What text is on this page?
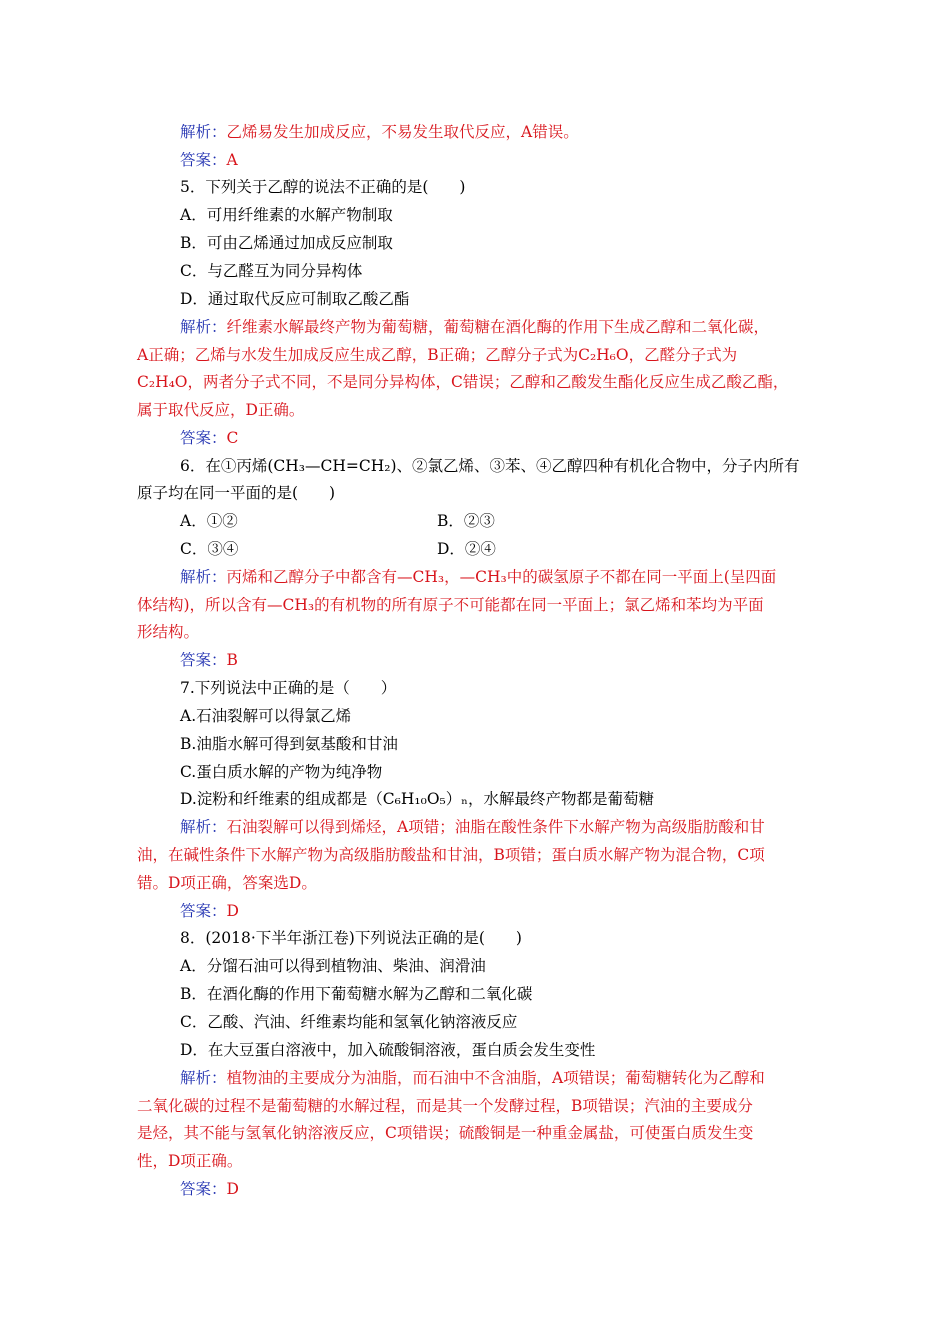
解析：乙烯易发生加成反应，不易发生取代反应，A错误。
答案：A
5．下列关于乙醇的说法不正确的是(　　)
A．可用纤维素的水解产物制取
B．可由乙烯通过加成反应制取
C．与乙醛互为同分异构体
D．通过取代反应可制取乙酸乙酯
解析：纤维素水解最终产物为葡萄糖，葡萄糖在酒化酶的作用下生成乙醇和二氧化碳，
A正确；乙烯与水发生加成反应生成乙醇，B正确；乙醇分子式为C₂H₆O，乙醛分子式为
C₂H₄O，两者分子式不同，不是同分异构体，C错误；乙醇和乙酸发生酯化反应生成乙酸乙酯，
属于取代反应，D正确。
答案：C
6．在①丙烯(CH₃—CH=CH₂)、②氯乙烯、③苯、④乙醇四种有机化合物中，分子内所有
原子均在同一平面的是(　　)
A．①②	B．②③
C．③④	D．②④
解析：丙烯和乙醇分子中都含有—CH₃，—CH₃中的碳氢原子不都在同一平面上(呈四面
体结构)，所以含有—CH₃的有机物的所有原子不可能都在同一平面上；氯乙烯和苯均为平面
形结构。
答案：B
7.下列说法中正确的是（　　）
A.石油裂解可以得氯乙烯
B.油脂水解可得到氨基酸和甘油
C.蛋白质水解的产物为纯净物
D.淀粉和纤维素的组成都是（C₆H₁₀O₅）ₙ，水解最终产物都是葡萄糖
解析：石油裂解可以得到烯烃，A项错；油脂在酸性条件下水解产物为高级脂肪酸和甘
油，在碱性条件下水解产物为高级脂肪酸盐和甘油，B项错；蛋白质水解产物为混合物，C项
错。D项正确，答案选D。
答案：D
8．(2018·下半年浙江卷)下列说法正确的是(　　)
A．分馏石油可以得到植物油、柴油、润滑油
B．在酒化酶的作用下葡萄糖水解为乙醇和二氧化碳
C．乙酸、汽油、纤维素均能和氢氧化钠溶液反应
D．在大豆蛋白溶液中，加入硫酸铜溶液，蛋白质会发生变性
解析：植物油的主要成分为油脂，而石油中不含油脂，A项错误；葡萄糖转化为乙醇和
二氧化碳的过程不是葡萄糖的水解过程，而是其一个发酵过程，B项错误；汽油的主要成分
是烃，其不能与氢氧化钠溶液反应，C项错误；硫酸铜是一种重金属盐，可使蛋白质发生变
性，D项正确。
答案：D
